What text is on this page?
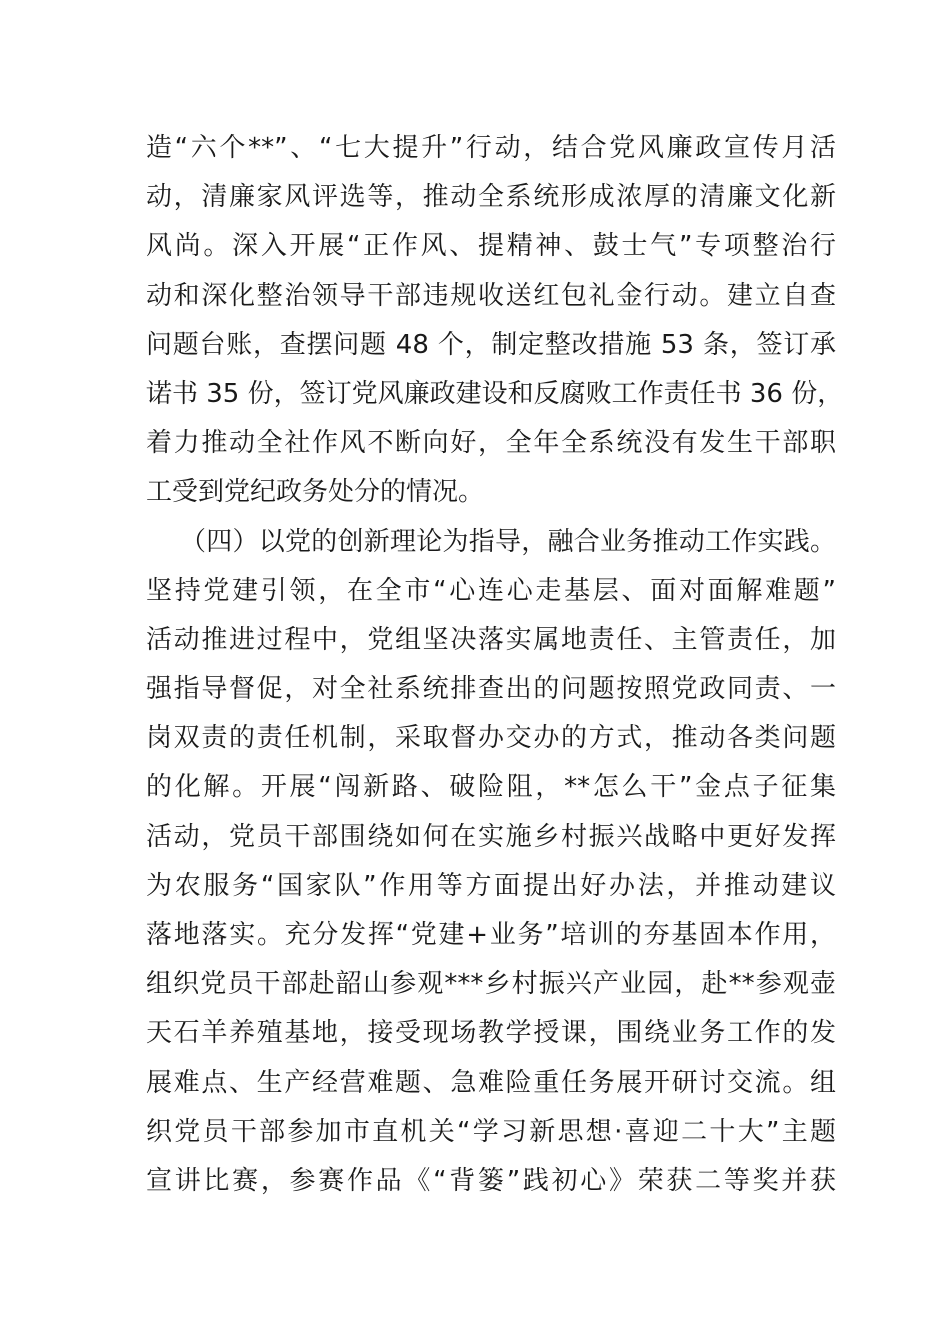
造“六个**”、“七大提升”行动，结合党风廉政宣传月活
动，清廉家风评选等，推动全系统形成浓厚的清廉文化新
风尚。深入开展“正作风、提精神、鼓士气”专项整治行
动和深化整治领导干部违规收送红包礼金行动。建立自查
问题台账，查摆问题 48 个，制定整改措施 53 条，签订承
诺书 35 份，签订党风廉政建设和反腐败工作责任书 36 份，
着力推动全社作风不断向好，全年全系统没有发生干部职
工受到党纪政务处分的情况。
（四）以党的创新理论为指导，融合业务推动工作实践。
坚持党建引领，在全市“心连心走基层、面对面解难题”
活动推进过程中，党组坚决落实属地责任、主管责任，加
强指导督促，对全社系统排查出的问题按照党政同责、一
岗双责的责任机制，采取督办交办的方式，推动各类问题
的化解。开展“闯新路、破险阻，**怎么干”金点子征集
活动，党员干部围绕如何在实施乡村振兴战略中更好发挥
为农服务“国家队”作用等方面提出好办法，并推动建议
落地落实。充分发挥“党建+业务”培训的夯基固本作用，
组织党员干部赴韶山参观***乡村振兴产业园，赴**参观壶
天石羊养殖基地，接受现场教学授课，围绕业务工作的发
展难点、生产经营难题、急难险重任务展开研讨交流。组
织党员干部参加市直机关“学习新思想·喜迎二十大”主题
宣讲比赛，参赛作品《“背篓”践初心》荣获二等奖并获
